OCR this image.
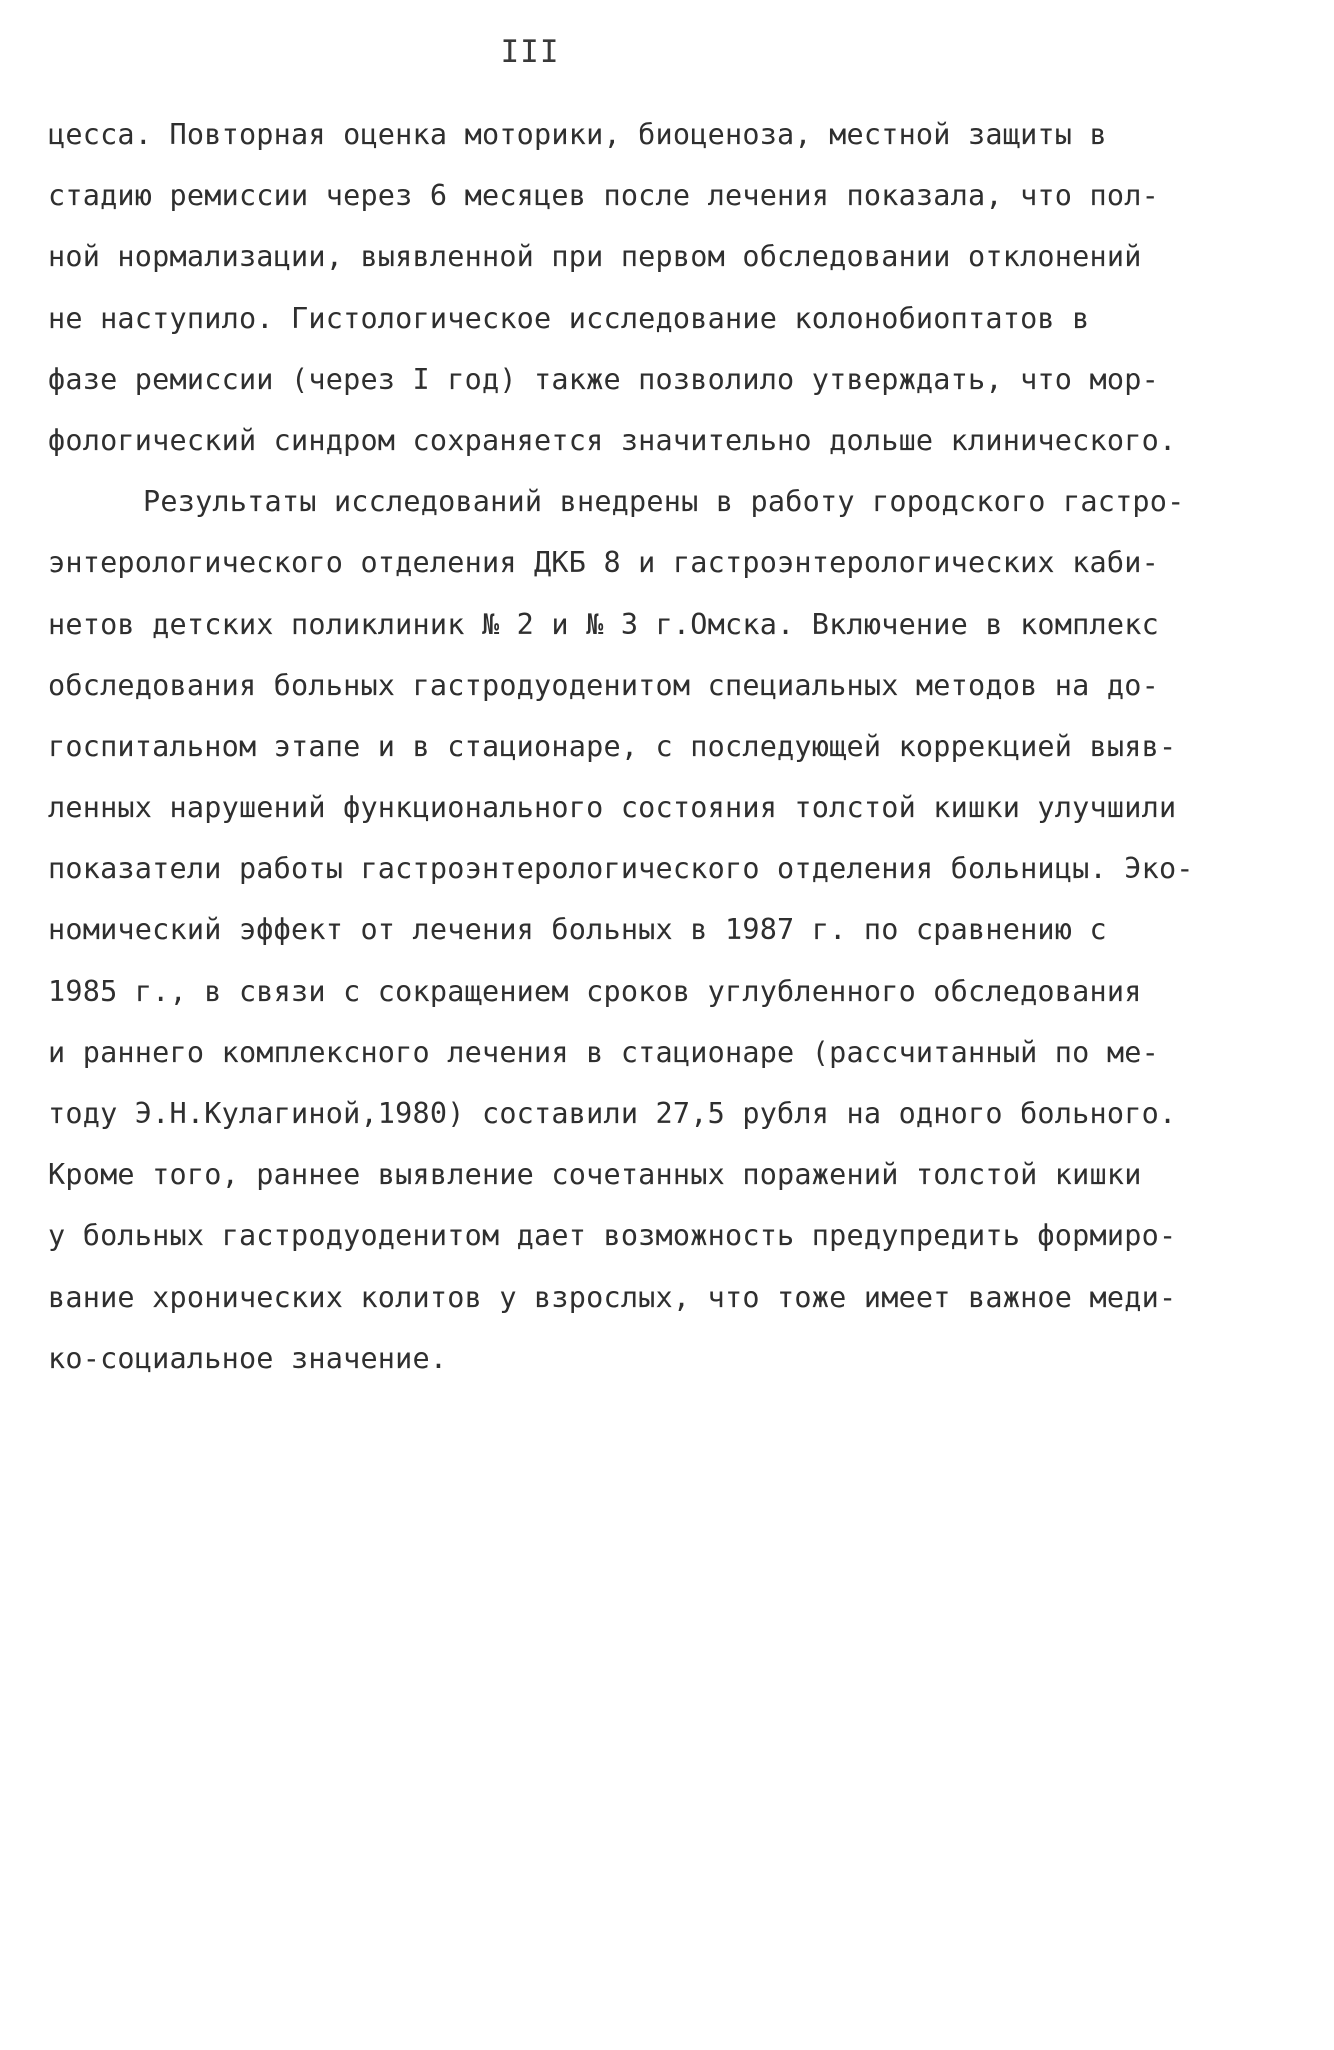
III
цесса. Повторная оценка моторики, биоценоза, местной защиты в
стадию ремиссии через 6 месяцев после лечения показала, что пол-
ной нормализации, выявленной при первом обследовании отклонений
не наступило. Гистологическое исследование колонобиоптатов в
фазе ремиссии (через I год) также позволило утверждать, что мор-
фологический синдром сохраняется значительно дольше клинического.
Результаты исследований внедрены в работу городского гастро-
энтерологического отделения ДКБ 8 и гастроэнтерологических каби-
нетов детских поликлиник № 2 и № 3 г.Омска. Включение в комплекс
обследования больных гастродуоденитом специальных методов на до-
госпитальном этапе и в стационаре, с последующей коррекцией выяв-
ленных нарушений функционального состояния толстой кишки улучшили
показатели работы гастроэнтерологического отделения больницы. Эко-
номический эффект от лечения больных в 1987 г. по сравнению с
1985 г., в связи с сокращением сроков углубленного обследования
и раннего комплексного лечения в стационаре (рассчитанный по ме-
тоду Э.Н.Кулагиной,1980) составили 27,5 рубля на одного больного.
Кроме того, раннее выявление сочетанных поражений толстой кишки
у больных гастродуоденитом дает возможность предупредить формиро-
вание хронических колитов у взрослых, что тоже имеет важное меди-
ко-социальное значение.
